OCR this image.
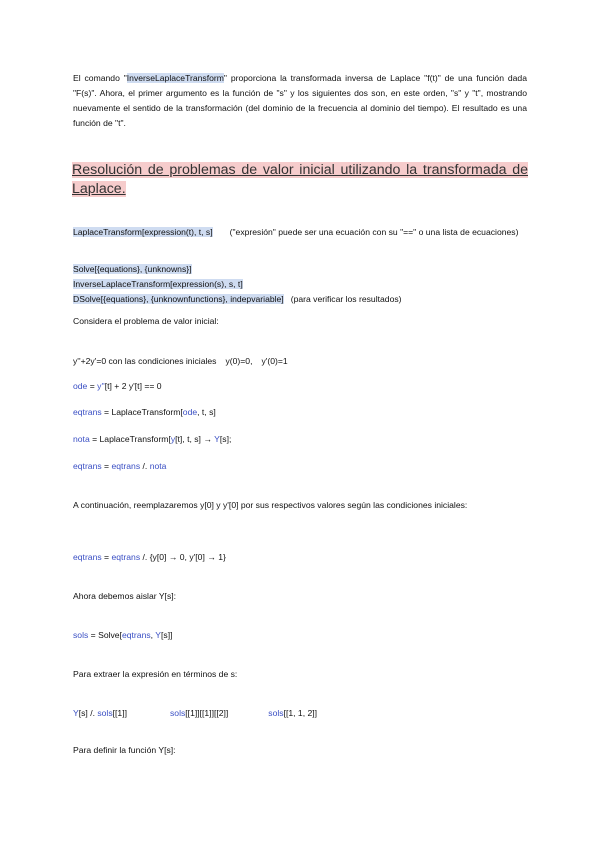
El comando "InverseLaplaceTransform" proporciona la transformada inversa de Laplace "f(t)" de una función dada "F(s)". Ahora, el primer argumento es la función de "s" y los siguientes dos son, en este orden, "s" y "t", mostrando nuevamente el sentido de la transformación (del dominio de la frecuencia al dominio del tiempo). El resultado es una función de "t".
Resolución de problemas de valor inicial utilizando la transformada de Laplace.
LaplaceTransform[expression(t), t, s] ("expresión" puede ser una ecuación con su "==" o una lista de ecuaciones)
Solve[{equations}, {unknowns}]
InverseLaplaceTransform[expression(s), s, t]
DSolve[{equations}, {unknownfunctions}, indepvariable] (para verificar los resultados)
Considera el problema de valor inicial:
y''+2y'=0 con las condiciones iniciales y(0)=0, y'(0)=1
ode = y''[t] + 2 y'[t] == 0
eqtrans = LaplaceTransform[ode, t, s]
nota = LaplaceTransform[y[t], t, s] → Y[s];
eqtrans = eqtrans /. nota
A continuación, reemplazaremos y[0] y y'[0] por sus respectivos valores según las condiciones iniciales:
eqtrans = eqtrans /. {y[0] → 0, y'[0] → 1}
Ahora debemos aislar Y[s]:
sols = Solve[eqtrans, Y[s]]
Para extraer la expresión en términos de s:
Y[s] /. sols[[1]]	sols[[1]][[1]][[2]]	sols[[1, 1, 2]]
Para definir la función Y[s]:
